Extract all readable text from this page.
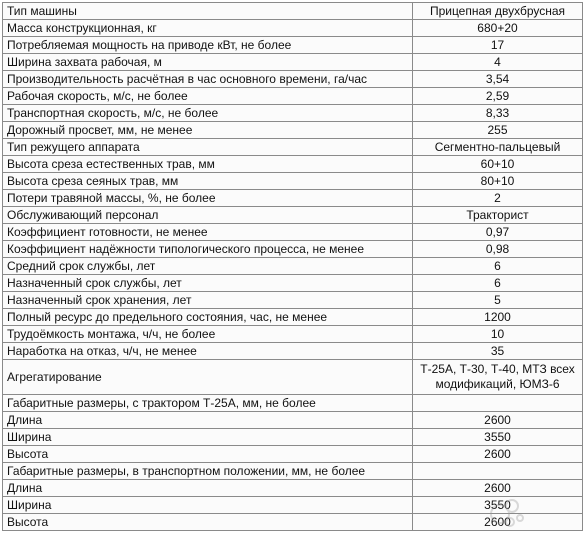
Тип машины	Прицепная двухбрусная
Масса конструкционная, кг	680+20
Потребляемая мощность на приводе кВт, не более	17
Ширина захвата рабочая, м	4
Производительность расчётная в час основного времени, га/час	3,54
Рабочая скорость, м/с, не более	2,59
Транспортная скорость, м/с, не более	8,33
Дорожный просвет, мм, не менее	255
Тип режущего аппарата	Сегментно-пальцевый
Высота среза естественных трав, мм	60+10
Высота среза сеяных трав, мм	80+10
Потери травяной массы, %, не более	2
Обслуживающий персонал	Тракторист
Коэффициент готовности, не менее	0,97
Коэффициент надёжности типологического процесса, не менее	0,98
Средний срок службы, лет	6
Назначенный срок службы, лет	6
Назначенный срок хранения, лет	5
Полный ресурс до предельного состояния, час, не менее	1200
Трудоёмкость монтажа, ч/ч, не более	10
Наработка на отказ, ч/ч, не менее	35
Агрегатирование	Т-25А, Т-30, Т-40, МТЗ всех модификаций, ЮМЗ-6
Габаритные размеры, с трактором Т-25А, мм, не более	
Длина	2600
Ширина	3550
Высота	2600
Габаритные размеры, в транспортном положении, мм, не более	
Длина	2600
Ширина	3550
Высота	2600
